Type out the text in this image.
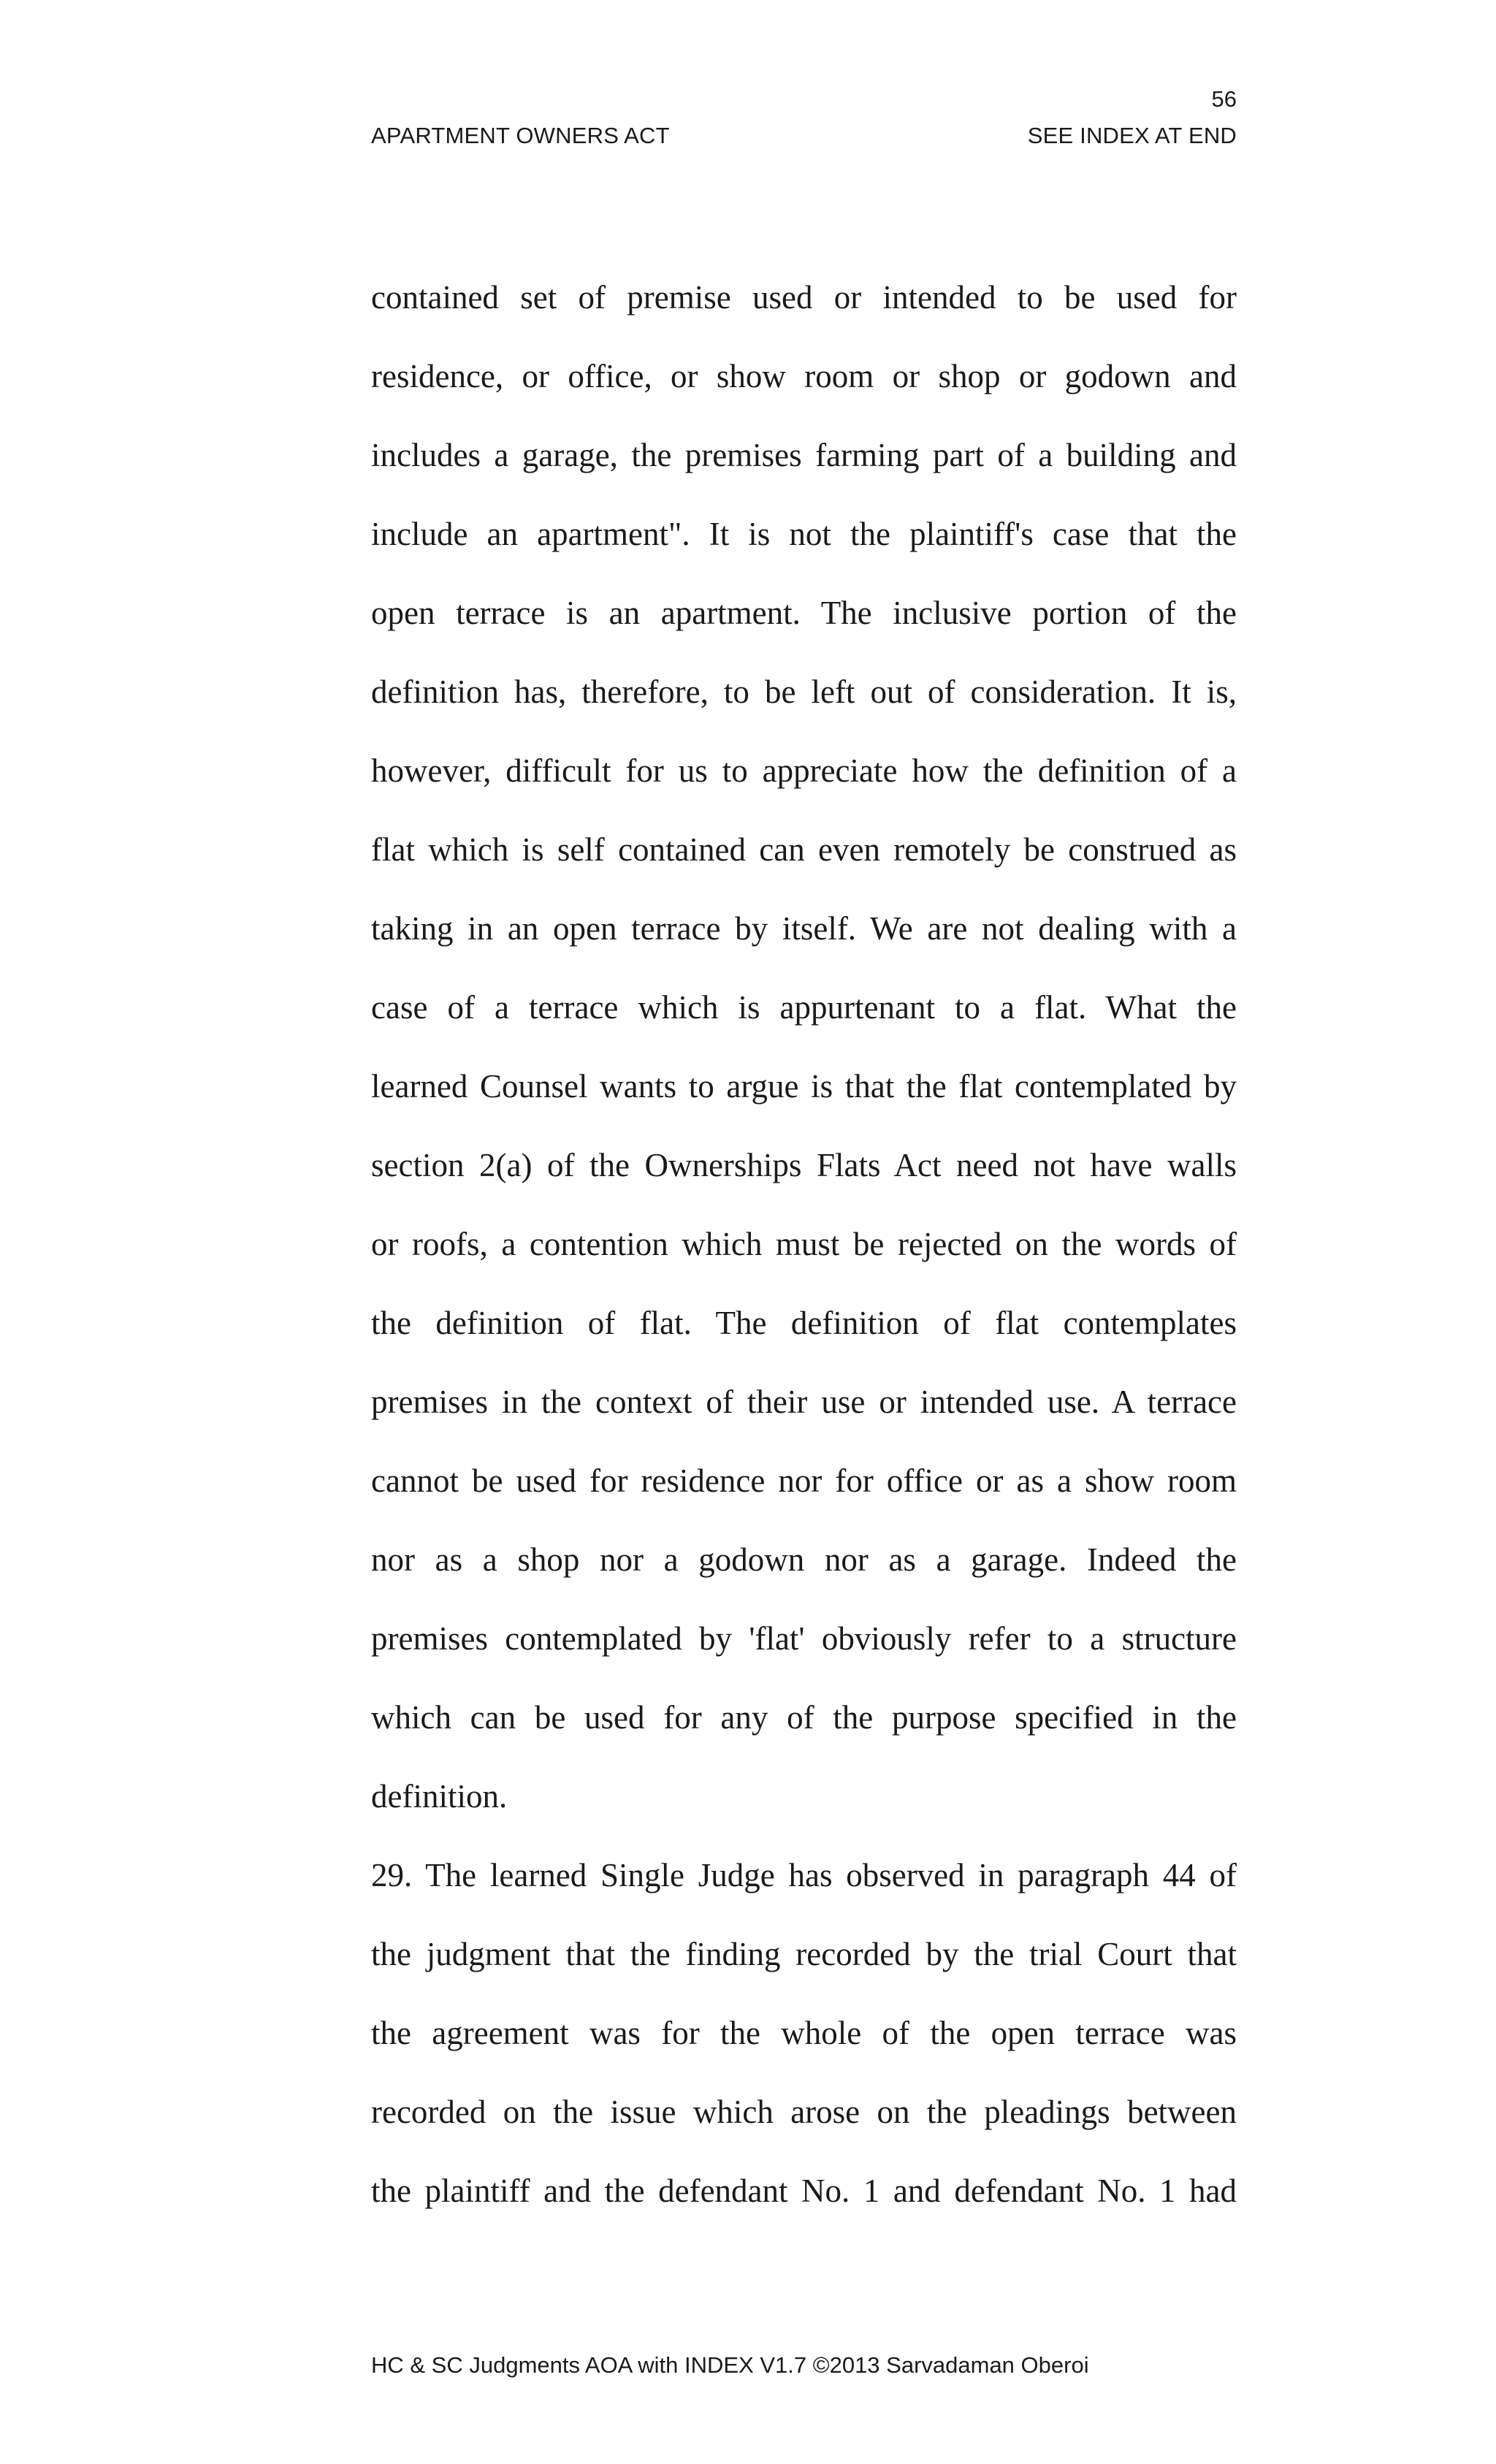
56
APARTMENT OWNERS ACT	SEE INDEX AT END
contained set of premise used or intended to be used for
residence, or office, or show room or shop or godown and
includes a garage, the premises farming part of a building and
include an apartment". It is not the plaintiff's case that the
open terrace is an apartment. The inclusive portion of the
definition has, therefore, to be left out of consideration. It is,
however, difficult for us to appreciate how the definition of a
flat which is self contained can even remotely be construed as
taking in an open terrace by itself. We are not dealing with a
case of a terrace which is appurtenant to a flat. What the
learned Counsel wants to argue is that the flat contemplated by
section 2(a) of the Ownerships Flats Act need not have walls
or roofs, a contention which must be rejected on the words of
the definition of flat. The definition of flat contemplates
premises in the context of their use or intended use. A terrace
cannot be used for residence nor for office or as a show room
nor as a shop nor a godown nor as a garage. Indeed the
premises contemplated by 'flat' obviously refer to a structure
which can be used for any of the purpose specified in the
definition.
29. The learned Single Judge has observed in paragraph 44 of
the judgment that the finding recorded by the trial Court that
the agreement was for the whole of the open terrace was
recorded on the issue which arose on the pleadings between
the plaintiff and the defendant No. 1 and defendant No. 1 had
HC & SC Judgments AOA with INDEX V1.7 ©2013 Sarvadaman Oberoi
